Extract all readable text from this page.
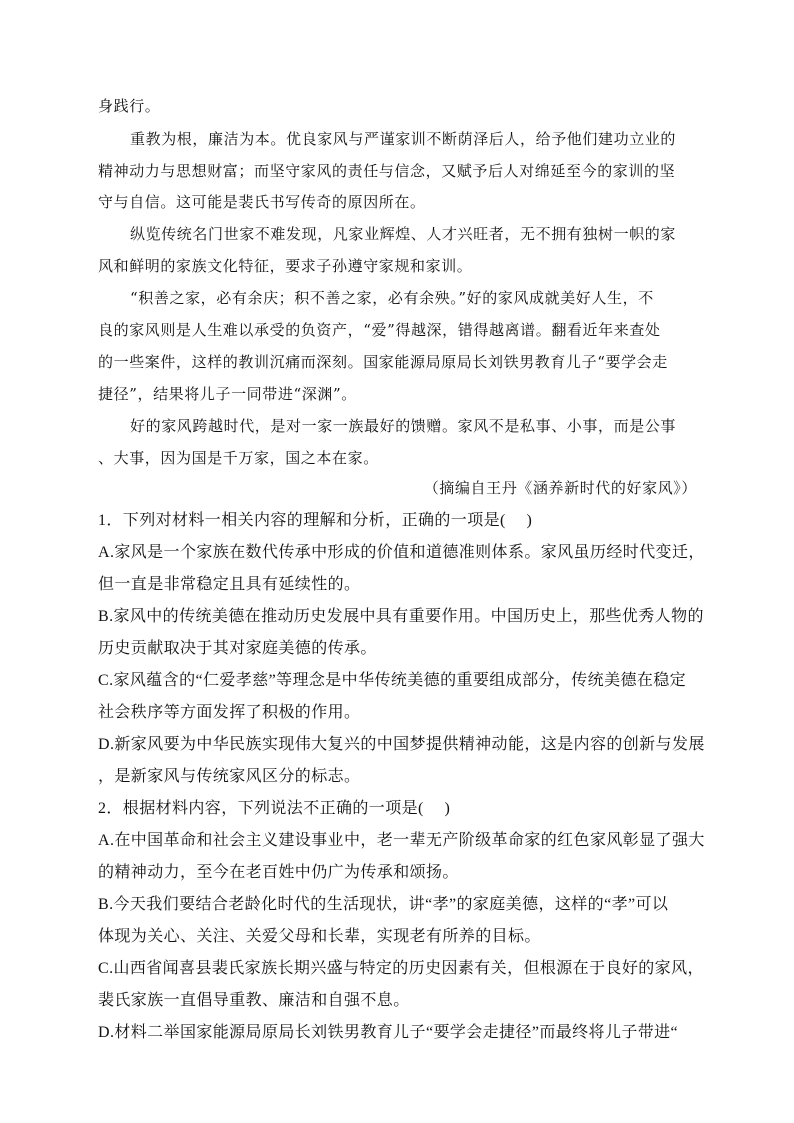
身践行。
重教为根，廉洁为本。优良家风与严谨家训不断荫泽后人，给予他们建功立业的
精神动力与思想财富；而坚守家风的责任与信念，又赋予后人对绵延至今的家训的坚
守与自信。这可能是裴氏书写传奇的原因所在。
纵览传统名门世家不难发现，凡家业辉煌、人才兴旺者，无不拥有独树一帜的家
风和鲜明的家族文化特征，要求子孙遵守家规和家训。
“积善之家，必有余庆；积不善之家，必有余殃。”好的家风成就美好人生，不
良的家风则是人生难以承受的负资产，“爱”得越深，错得越离谱。翻看近年来查处
的一些案件，这样的教训沉痛而深刻。国家能源局原局长刘铁男教育儿子“要学会走
捷径”，结果将儿子一同带进“深渊”。
好的家风跨越时代，是对一家一族最好的馈赠。家风不是私事、小事，而是公事
、大事，因为国是千万家，国之本在家。
（摘编自王丹《涵养新时代的好家风》）
1．下列对材料一相关内容的理解和分析，正确的一项是(　 )
A.家风是一个家族在数代传承中形成的价值和道德准则体系。家风虽历经时代变迁，
但一直是非常稳定且具有延续性的。
B.家风中的传统美德在推动历史发展中具有重要作用。中国历史上，那些优秀人物的
历史贡献取决于其对家庭美德的传承。
C.家风蕴含的“仁爱孝慈”等理念是中华传统美德的重要组成部分，传统美德在稳定
社会秩序等方面发挥了积极的作用。
D.新家风要为中华民族实现伟大复兴的中国梦提供精神动能，这是内容的创新与发展
，是新家风与传统家风区分的标志。
2．根据材料内容，下列说法不正确的一项是(　 )
A.在中国革命和社会主义建设事业中，老一辈无产阶级革命家的红色家风彰显了强大
的精神动力，至今在老百姓中仍广为传承和颂扬。
B.今天我们要结合老龄化时代的生活现状，讲“孝”的家庭美德，这样的“孝”可以
体现为关心、关注、关爱父母和长辈，实现老有所养的目标。
C.山西省闻喜县裴氏家族长期兴盛与特定的历史因素有关，但根源在于良好的家风，
裴氏家族一直倡导重教、廉洁和自强不息。
D.材料二举国家能源局原局长刘铁男教育儿子“要学会走捷径”而最终将儿子带进“
